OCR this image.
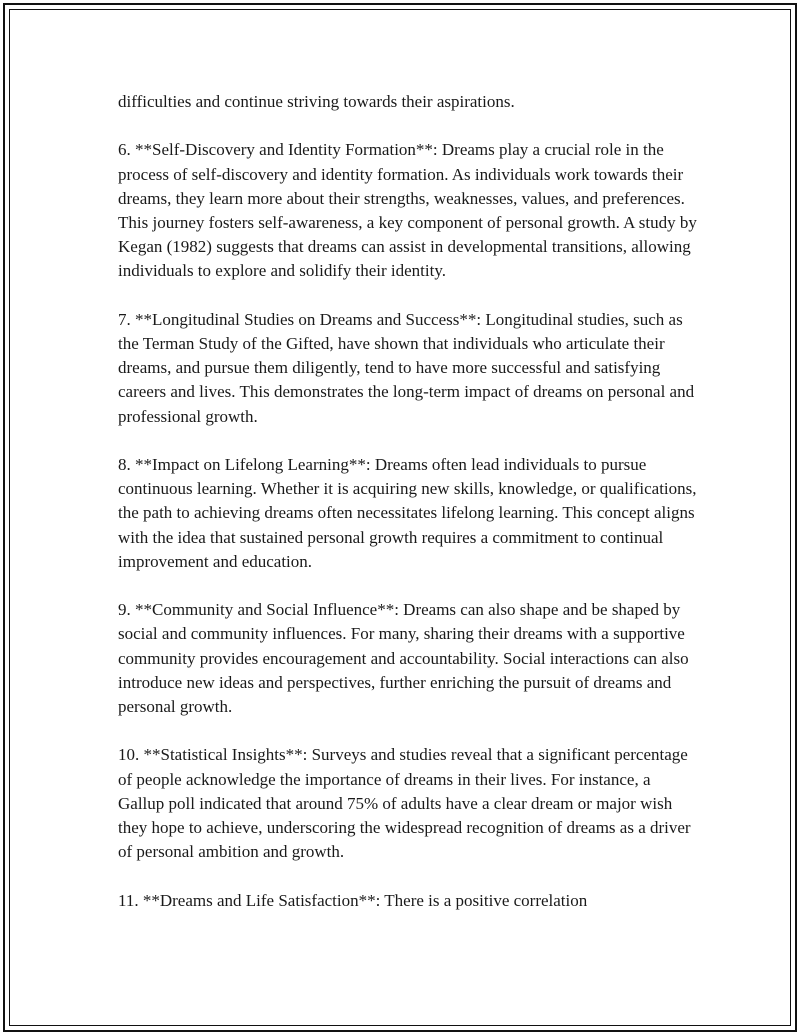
difficulties and continue striving towards their aspirations.

6. **Self-Discovery and Identity Formation**: Dreams play a crucial role in the process of self-discovery and identity formation. As individuals work towards their dreams, they learn more about their strengths, weaknesses, values, and preferences. This journey fosters self-awareness, a key component of personal growth. A study by Kegan (1982) suggests that dreams can assist in developmental transitions, allowing individuals to explore and solidify their identity.

7. **Longitudinal Studies on Dreams and Success**: Longitudinal studies, such as the Terman Study of the Gifted, have shown that individuals who articulate their dreams, and pursue them diligently, tend to have more successful and satisfying careers and lives. This demonstrates the long-term impact of dreams on personal and professional growth.

8. **Impact on Lifelong Learning**: Dreams often lead individuals to pursue continuous learning. Whether it is acquiring new skills, knowledge, or qualifications, the path to achieving dreams often necessitates lifelong learning. This concept aligns with the idea that sustained personal growth requires a commitment to continual improvement and education.

9. **Community and Social Influence**: Dreams can also shape and be shaped by social and community influences. For many, sharing their dreams with a supportive community provides encouragement and accountability. Social interactions can also introduce new ideas and perspectives, further enriching the pursuit of dreams and personal growth.

10. **Statistical Insights**: Surveys and studies reveal that a significant percentage of people acknowledge the importance of dreams in their lives. For instance, a Gallup poll indicated that around 75% of adults have a clear dream or major wish they hope to achieve, underscoring the widespread recognition of dreams as a driver of personal ambition and growth.

11. **Dreams and Life Satisfaction**: There is a positive correlation
